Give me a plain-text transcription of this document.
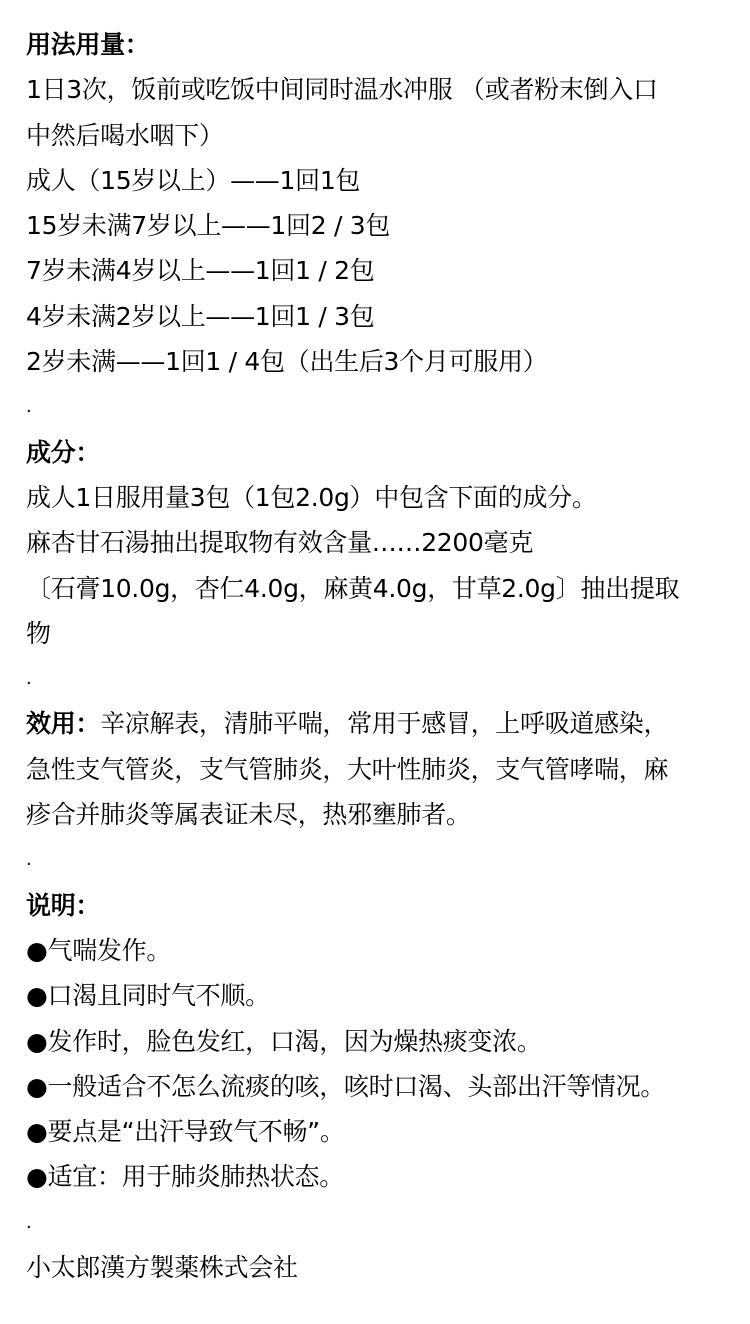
用法用量：
1日3次，饭前或吃饭中间同时温水冲服 （或者粉末倒入口
中然后喝水咽下）
成人（15岁以上）——1回1包
15岁未满7岁以上——1回2 / 3包
7岁未满4岁以上——1回1 / 2包
4岁未满2岁以上——1回1 / 3包
2岁未满——1回1 / 4包（出生后3个月可服用）
.
成分：
成人1日服用量3包（1包2.0g）中包含下面的成分。
麻杏甘石湯抽出提取物有效含量……2200毫克
〔石膏10.0g，杏仁4.0g，麻黄4.0g，甘草2.0g〕抽出提取
物
.
效用：辛凉解表，清肺平喘，常用于感冒，上呼吸道感染，
急性支气管炎，支气管肺炎，大叶性肺炎，支气管哮喘，麻
疹合并肺炎等属表证未尽，热邪壅肺者。
.
说明：
●气喘发作。
●口渴且同时气不顺。
●发作时，脸色发红，口渴，因为燥热痰变浓。
●一般适合不怎么流痰的咳，咳时口渴、头部出汗等情况。
●要点是“出汗导致气不畅”。
●适宜：用于肺炎肺热状态。
.
小太郎漢方製薬株式会社
